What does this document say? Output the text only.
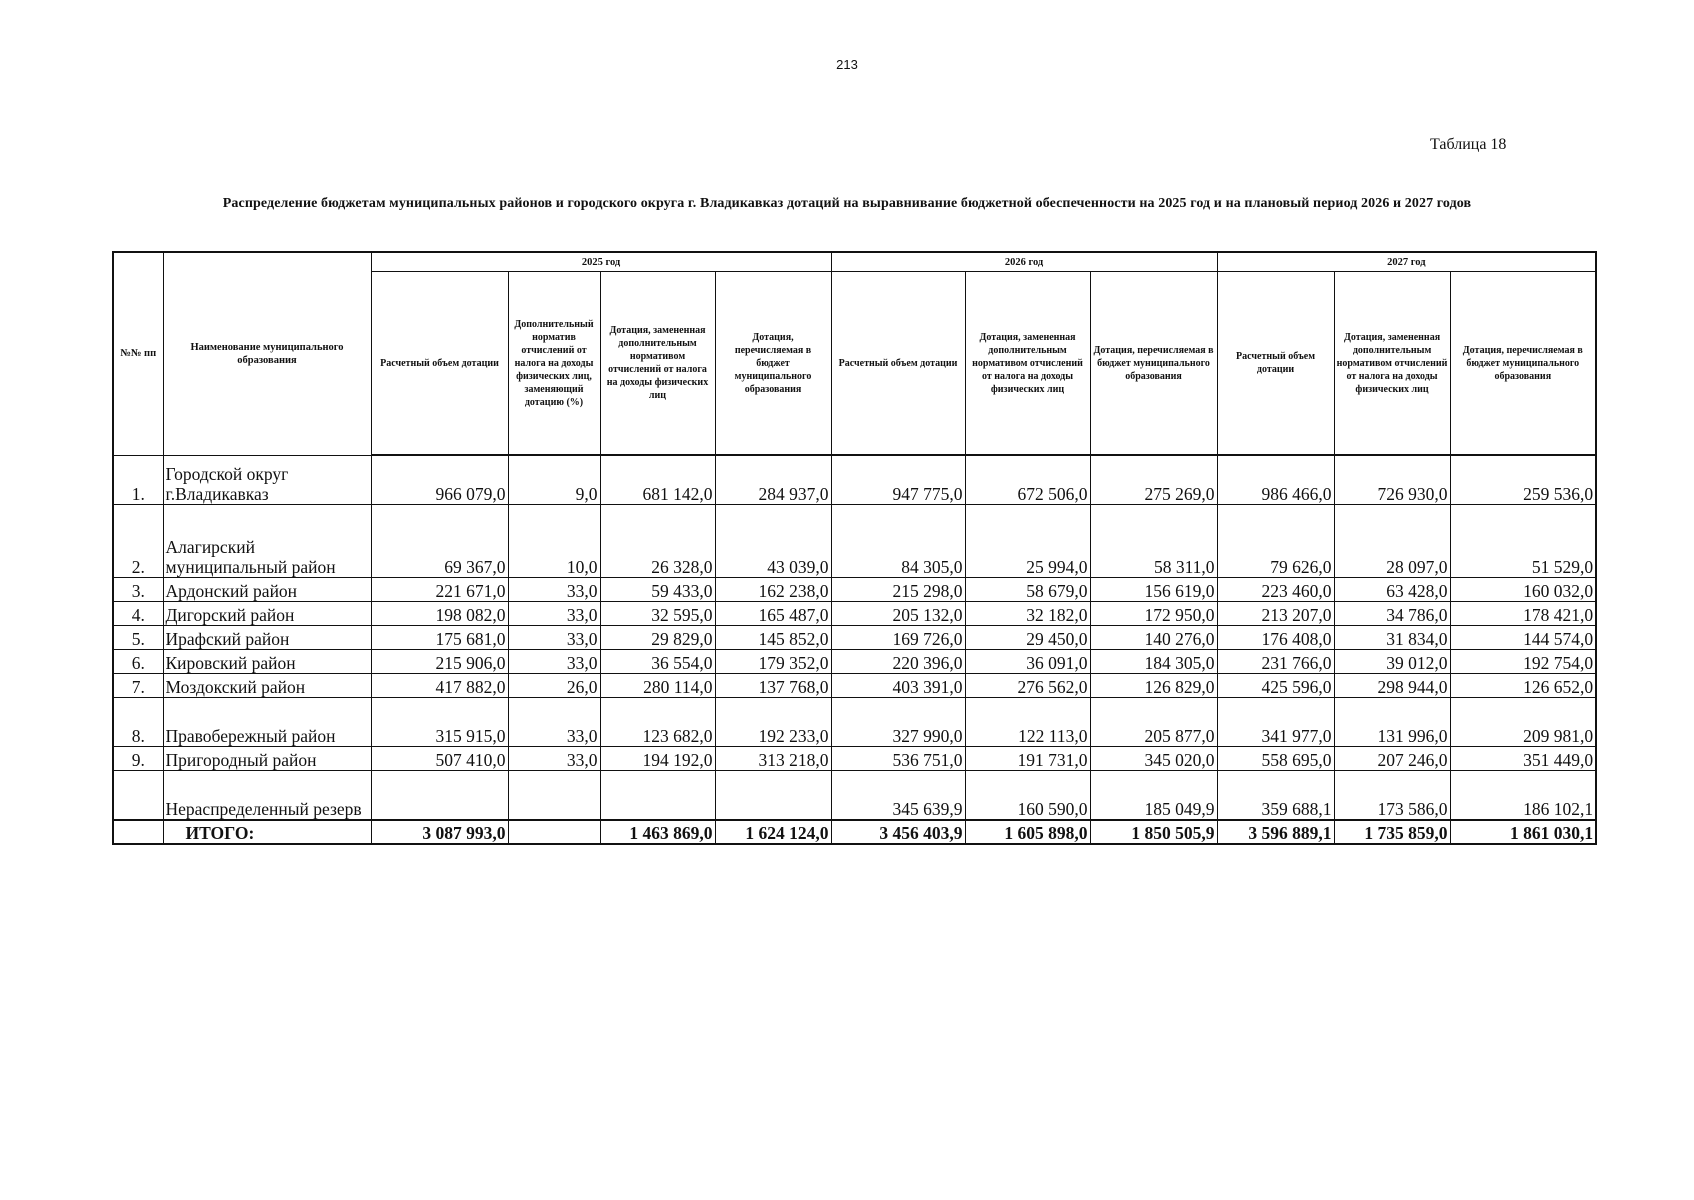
213
Таблица 18
Распределение бюджетам муниципальных районов и городского округа г. Владикавказ дотаций на выравнивание бюджетной обеспеченности на 2025 год и на плановый период 2026 и 2027 годов
№№ пп	Наименование муниципального образования	2025 год				2026 год			2027 год		
		Расчетный объем дотации	Дополнительный норматив отчислений от налога на доходы физических лиц, заменяющий дотацию (%)	Дотация, замененная дополнительным нормативом отчислений от налога на доходы физических лиц	Дотация, перечисляемая в бюджет муниципального образования	Расчетный объем дотации	Дотация, замененная дополнительным нормативом отчислений от налога на доходы физических лиц	Дотация, перечисляемая в бюджет муниципального образования	Расчетный объем дотации	Дотация, замененная дополнительным нормативом отчислений от налога на доходы физических лиц	Дотация, перечисляемая в бюджет муниципального образования
1.	Городской округ г.Владикавказ	966 079,0	9,0	681 142,0	284 937,0	947 775,0	672 506,0	275 269,0	986 466,0	726 930,0	259 536,0
2.	Алагирский муниципальный район	69 367,0	10,0	26 328,0	43 039,0	84 305,0	25 994,0	58 311,0	79 626,0	28 097,0	51 529,0
3.	Ардонский район	221 671,0	33,0	59 433,0	162 238,0	215 298,0	58 679,0	156 619,0	223 460,0	63 428,0	160 032,0
4.	Дигорский район	198 082,0	33,0	32 595,0	165 487,0	205 132,0	32 182,0	172 950,0	213 207,0	34 786,0	178 421,0
5.	Ирафский район	175 681,0	33,0	29 829,0	145 852,0	169 726,0	29 450,0	140 276,0	176 408,0	31 834,0	144 574,0
6.	Кировский район	215 906,0	33,0	36 554,0	179 352,0	220 396,0	36 091,0	184 305,0	231 766,0	39 012,0	192 754,0
7.	Моздокский район	417 882,0	26,0	280 114,0	137 768,0	403 391,0	276 562,0	126 829,0	425 596,0	298 944,0	126 652,0
8.	Правобережный район	315 915,0	33,0	123 682,0	192 233,0	327 990,0	122 113,0	205 877,0	341 977,0	131 996,0	209 981,0
9.	Пригородный район	507 410,0	33,0	194 192,0	313 218,0	536 751,0	191 731,0	345 020,0	558 695,0	207 246,0	351 449,0
	Нераспределенный резерв					345 639,9	160 590,0	185 049,9	359 688,1	173 586,0	186 102,1
	ИТОГО:	3 087 993,0		1 463 869,0	1 624 124,0	3 456 403,9	1 605 898,0	1 850 505,9	3 596 889,1	1 735 859,0	1 861 030,1
